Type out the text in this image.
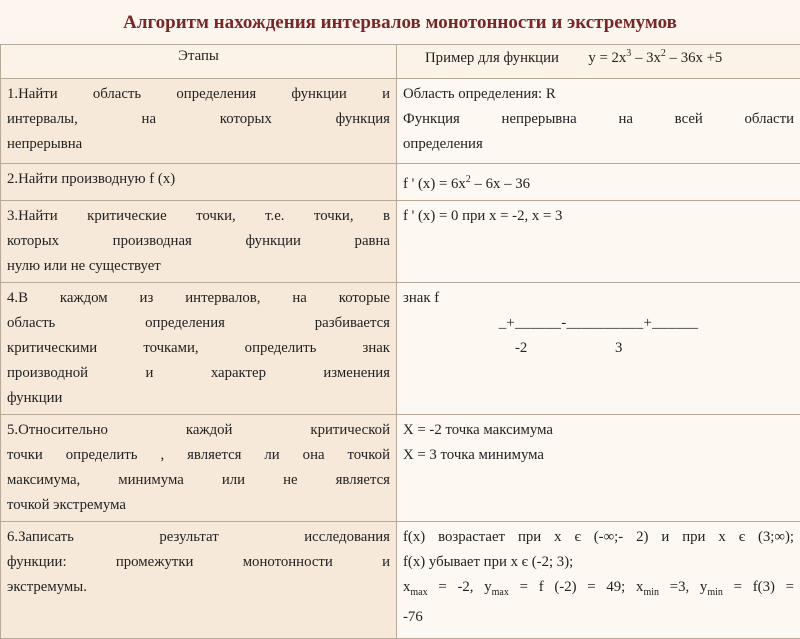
Алгоритм нахождения интервалов монотонности и экстремумов
Этапы	Пример для функции $y = 2x^3 - 3x^2 - 36x +5$

1.Найти область определения функции и
интервалы, на которых функция
непрерывна	Область определения: R
Функция непрерывна на всей области
определения

2.Найти производную f (x)	f ' $(x) = 6x^2 - 6x - 36$

3.Найти критические точки, т.е. точки, в
которых производная функции равна
нулю или не существует	f ' (x) = 0 при x = -2, x = 3

4.В каждом из интервалов, на которые
область определения разбивается
критическими точками, определить знак
производной и характер изменения
функции	знак f
_+______-__________+______
-2 3

5.Относительно каждой критической
точки определить , является ли она точкой
максимума, минимума или не является
точкой экстремума	X = -2 точка максимума
X = 3 точка минимума

6.Записать результат исследования
функции: промежутки монотонности и
экстремумы.	f(x) возрастает при x є (-∞;- 2) и при x є (3;∞);
f(x) убывает при x є (-2; 3);
$x_{max} = -2$, $y_{max} = f$ (-2) = 49; $x_{min} =3$, $y_{min} = f(3)$ =
-76
